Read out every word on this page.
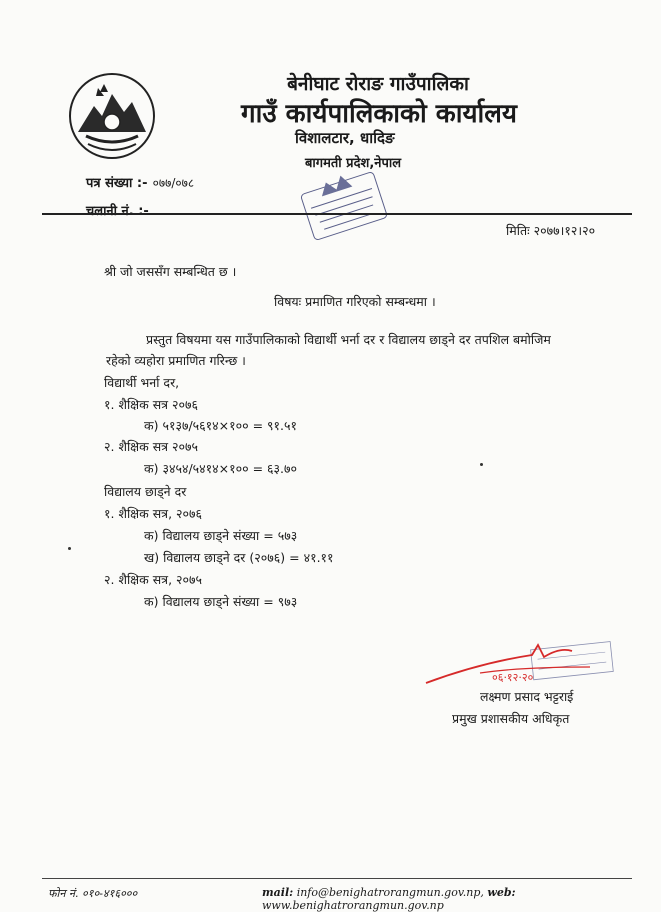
बेनीघाट रोराङ गाउँपालिका
गाउँ कार्यपालिकाको कार्यालय
विशालटार, धादिङ
बागमती प्रदेश,नेपाल
पत्र संख्या :- ०७७/०७८
चलानी नं. :-
मितिः २०७७।१२।२०
श्री जो जससँग सम्बन्धित छ ।
विषयः प्रमाणित गरिएको सम्बन्धमा ।
प्रस्तुत विषयमा यस गाउँपालिकाको विद्यार्थी भर्ना दर र विद्यालय छाड्ने दर तपशिल बमोजिम
रहेको व्यहोरा प्रमाणित गरिन्छ ।
विद्यार्थी भर्ना दर,
१. शैक्षिक सत्र २०७६
क) ५१३७/५६१४×१०० = ९१.५१
२. शैक्षिक सत्र २०७५
क) ३४५४/५४१४×१०० = ६३.७०
विद्यालय छाड्ने दर
१. शैक्षिक सत्र, २०७६
क) विद्यालय छाड्ने संख्या = ५७३
ख) विद्यालय छाड्ने दर (२०७६) = ४१.११
२. शैक्षिक सत्र, २०७५
क) विद्यालय छाड्ने संख्या = ९७३
०६·१२·२०
लक्ष्मण प्रसाद भट्टराई
प्रमुख प्रशासकीय अधिकृत
फोन नं. ०१०-४१६०००	mail: info@benighatrorangmun.gov.np, web: www.benighatrorangmun.gov.np
